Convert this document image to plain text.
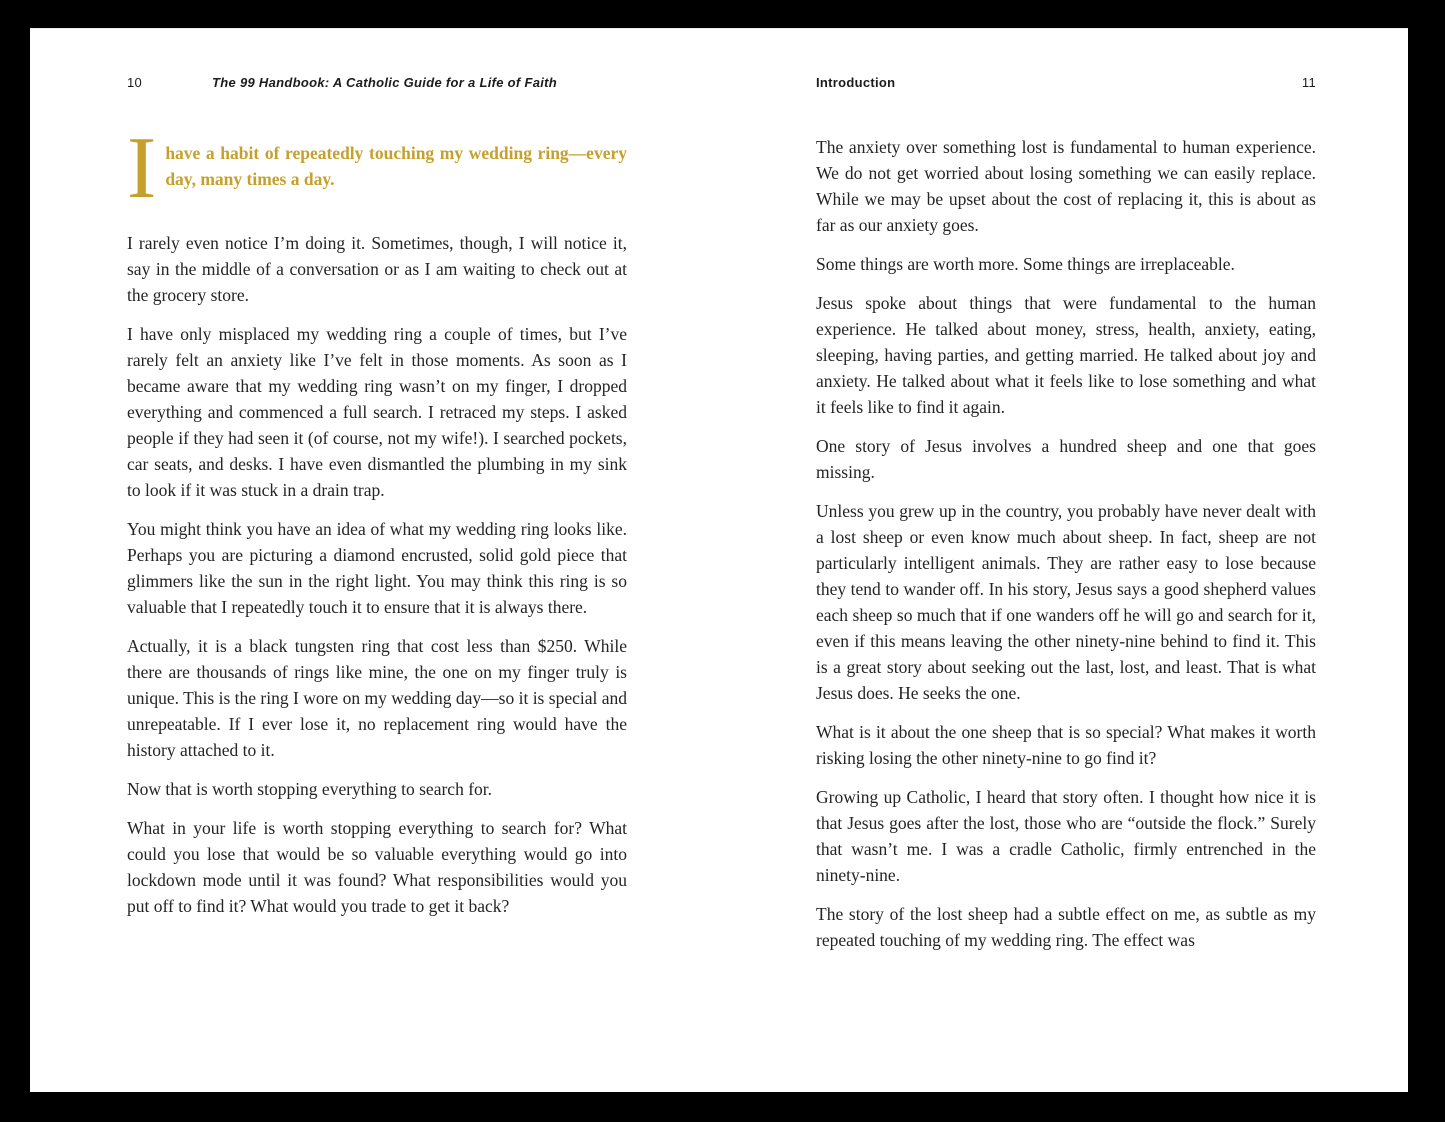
10	The 99 Handbook: A Catholic Guide for a Life of Faith
I have a habit of repeatedly touching my wedding ring—every day, many times a day.

I rarely even notice I’m doing it. Sometimes, though, I will notice it, say in the middle of a conversation or as I am waiting to check out at the grocery store.

I have only misplaced my wedding ring a couple of times, but I’ve rarely felt an anxiety like I’ve felt in those moments. As soon as I became aware that my wedding ring wasn’t on my finger, I dropped everything and commenced a full search. I retraced my steps. I asked people if they had seen it (of course, not my wife!). I searched pockets, car seats, and desks. I have even dismantled the plumbing in my sink to look if it was stuck in a drain trap.

You might think you have an idea of what my wedding ring looks like. Perhaps you are picturing a diamond encrusted, solid gold piece that glimmers like the sun in the right light. You may think this ring is so valuable that I repeatedly touch it to ensure that it is always there.

Actually, it is a black tungsten ring that cost less than $250. While there are thousands of rings like mine, the one on my finger truly is unique. This is the ring I wore on my wedding day—so it is special and unrepeatable. If I ever lose it, no replacement ring would have the history attached to it.

Now that is worth stopping everything to search for.

What in your life is worth stopping everything to search for? What could you lose that would be so valuable everything would go into lockdown mode until it was found? What responsibilities would you put off to find it? What would you trade to get it back?

Introduction	11

The anxiety over something lost is fundamental to human experience. We do not get worried about losing something we can easily replace. While we may be upset about the cost of replacing it, this is about as far as our anxiety goes.

Some things are worth more. Some things are irreplaceable.

Jesus spoke about things that were fundamental to the human experience. He talked about money, stress, health, anxiety, eating, sleeping, having parties, and getting married. He talked about joy and anxiety. He talked about what it feels like to lose something and what it feels like to find it again.

One story of Jesus involves a hundred sheep and one that goes missing.

Unless you grew up in the country, you probably have never dealt with a lost sheep or even know much about sheep. In fact, sheep are not particularly intelligent animals. They are rather easy to lose because they tend to wander off. In his story, Jesus says a good shepherd values each sheep so much that if one wanders off he will go and search for it, even if this means leaving the other ninety-nine behind to find it. This is a great story about seeking out the last, lost, and least. That is what Jesus does. He seeks the one.

What is it about the one sheep that is so special? What makes it worth risking losing the other ninety-nine to go find it?

Growing up Catholic, I heard that story often. I thought how nice it is that Jesus goes after the lost, those who are “outside the flock.” Surely that wasn’t me. I was a cradle Catholic, firmly entrenched in the ninety-nine.

The story of the lost sheep had a subtle effect on me, as subtle as my repeated touching of my wedding ring. The effect was
